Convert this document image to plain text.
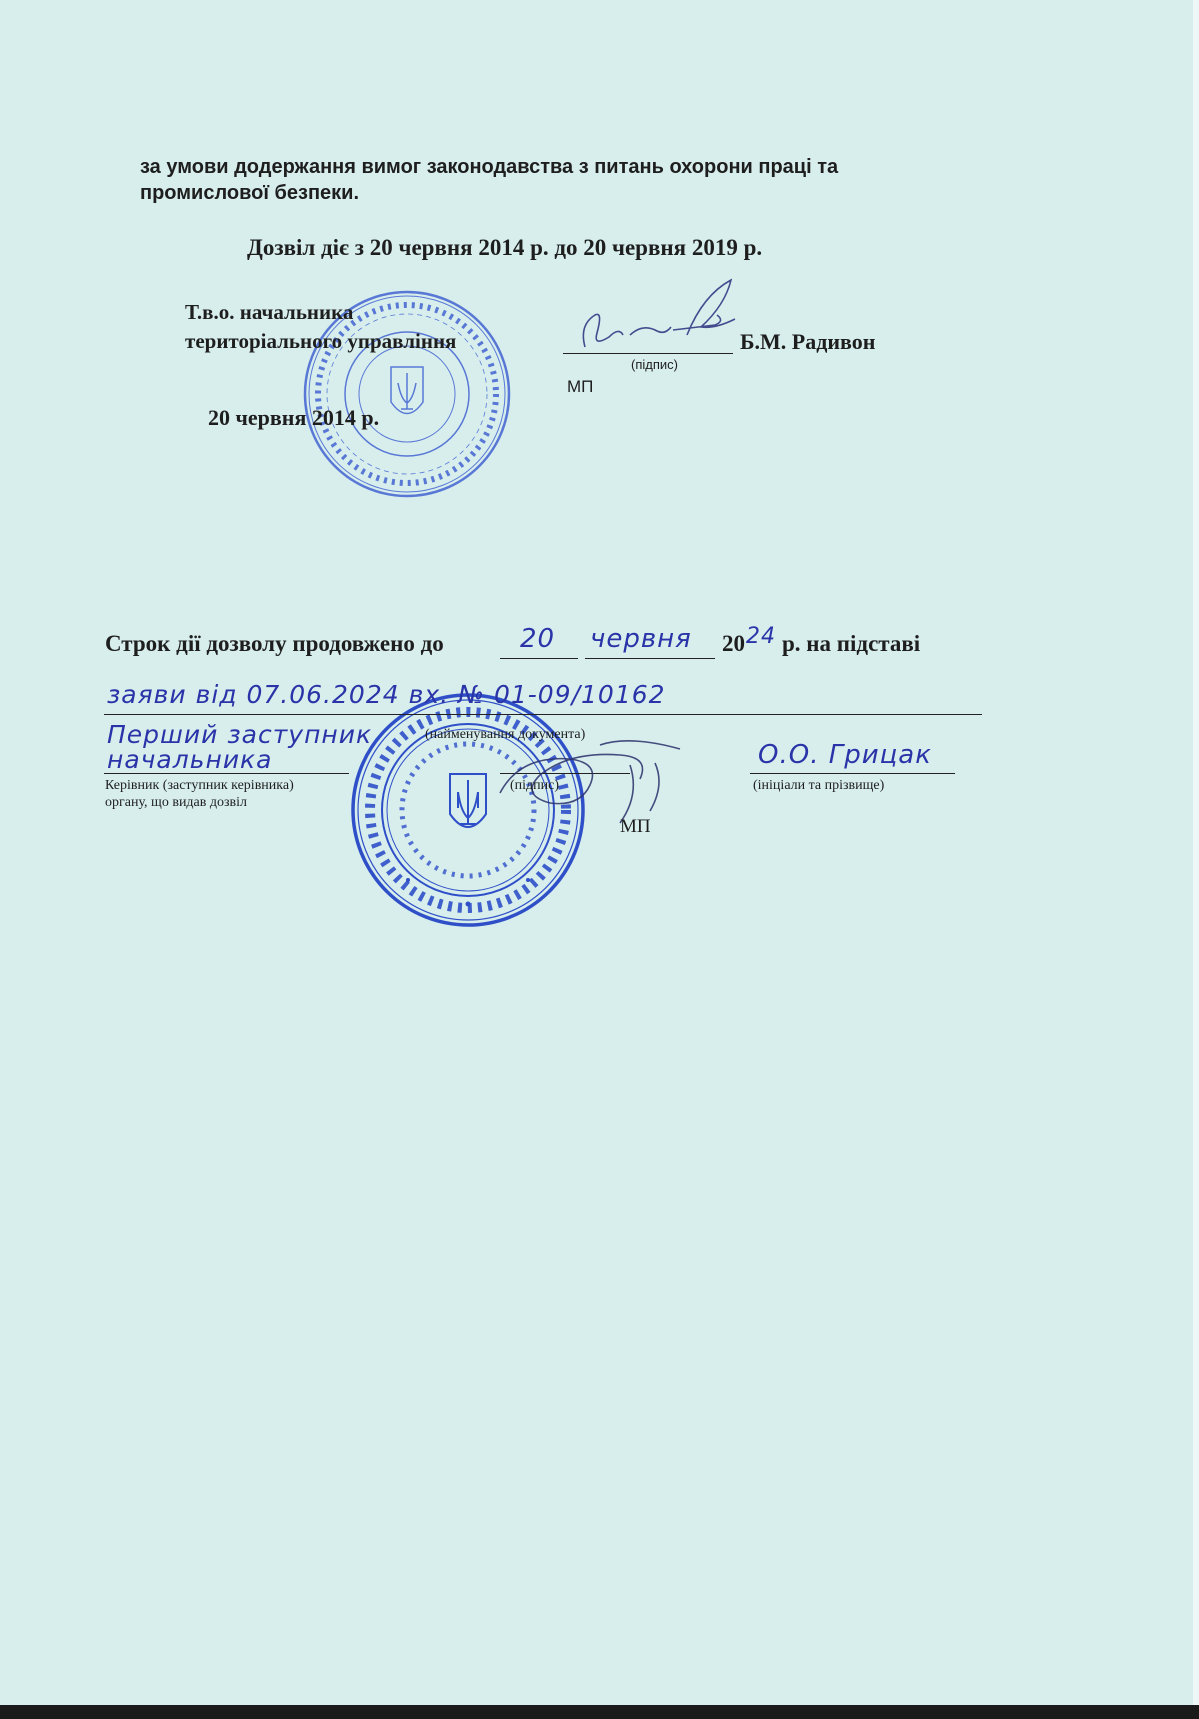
за умови додержання вимог законодавства з питань охорони праці та
промислової безпеки.
Дозвіл діє з 20 червня 2014 р. до 20 червня 2019 р.
Т.в.о. начальника
територіального управління	Б.М. Радивон
(підпис)
МП
20 червня 2014 р.
Строк дії дозволу продовжено до	20 червня 20 24 р. на підставі
заяви від 07.06.2024 вх. № 01-09/10162
(найменування документа)
Перший заступник
начальника	О.О. Грицак
Керівник (заступник керівника)
органу, що видав дозвіл
(підпис)	(ініціали та прізвище)
МП
